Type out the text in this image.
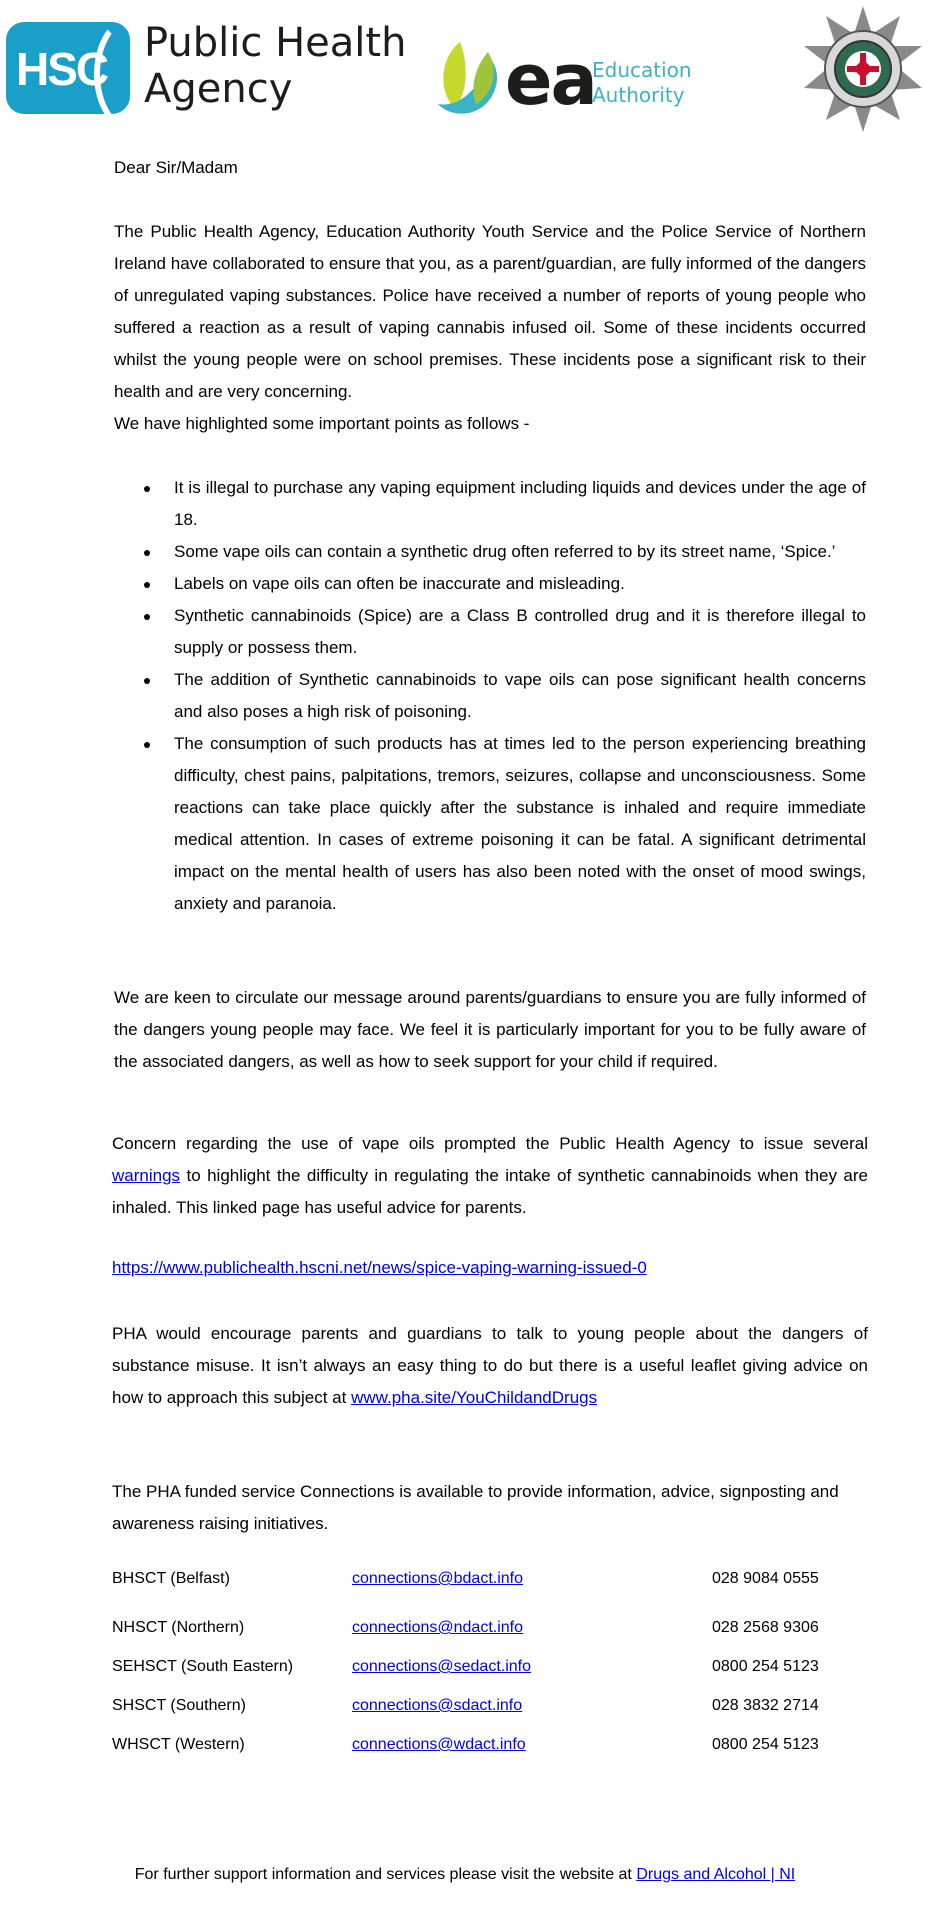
HSC Public Health
Agency	ea
Education
Authority

Dear Sir/Madam

The Public Health Agency, Education Authority Youth Service and the Police Service of Northern Ireland have collaborated to ensure that you, as a parent/guardian, are fully informed of the dangers of unregulated vaping substances. Police have received a number of reports of young people who suffered a reaction as a result of vaping cannabis infused oil. Some of these incidents occurred whilst the young people were on school premises. These incidents pose a significant risk to their health and are very concerning.

We have highlighted some important points as follows -

It is illegal to purchase any vaping equipment including liquids and devices under the age of 18.
Some vape oils can contain a synthetic drug often referred to by its street name, ‘Spice.’
Labels on vape oils can often be inaccurate and misleading.
Synthetic cannabinoids (Spice) are a Class B controlled drug and it is therefore illegal to supply or possess them.
The addition of Synthetic cannabinoids to vape oils can pose significant health concerns and also poses a high risk of poisoning.
The consumption of such products has at times led to the person experiencing breathing difficulty, chest pains, palpitations, tremors, seizures, collapse and unconsciousness. Some reactions can take place quickly after the substance is inhaled and require immediate medical attention. In cases of extreme poisoning it can be fatal. A significant detrimental impact on the mental health of users has also been noted with the onset of mood swings, anxiety and paranoia.

We are keen to circulate our message around parents/guardians to ensure you are fully informed of the dangers young people may face. We feel it is particularly important for you to be fully aware of the associated dangers, as well as how to seek support for your child if required.

Concern regarding the use of vape oils prompted the Public Health Agency to issue several warnings to highlight the difficulty in regulating the intake of synthetic cannabinoids when they are inhaled. This linked page has useful advice for parents.

https://www.publichealth.hscni.net/news/spice-vaping-warning-issued-0

PHA would encourage parents and guardians to talk to young people about the dangers of substance misuse. It isn’t always an easy thing to do but there is a useful leaflet giving advice on how to approach this subject at www.pha.site/YouChildandDrugs

The PHA funded service Connections is available to provide information, advice, signposting and awareness raising initiatives.

BHSCT (Belfast)	connections@bdact.info	028 9084 0555
NHSCT (Northern)	connections@ndact.info	028 2568 9306
SEHSCT (South Eastern)	connections@sedact.info	0800 254 5123
SHSCT (Southern)	connections@sdact.info	028 3832 2714
WHSCT (Western)	connections@wdact.info	0800 254 5123

For further support information and services please visit the website at Drugs and Alcohol | NI
